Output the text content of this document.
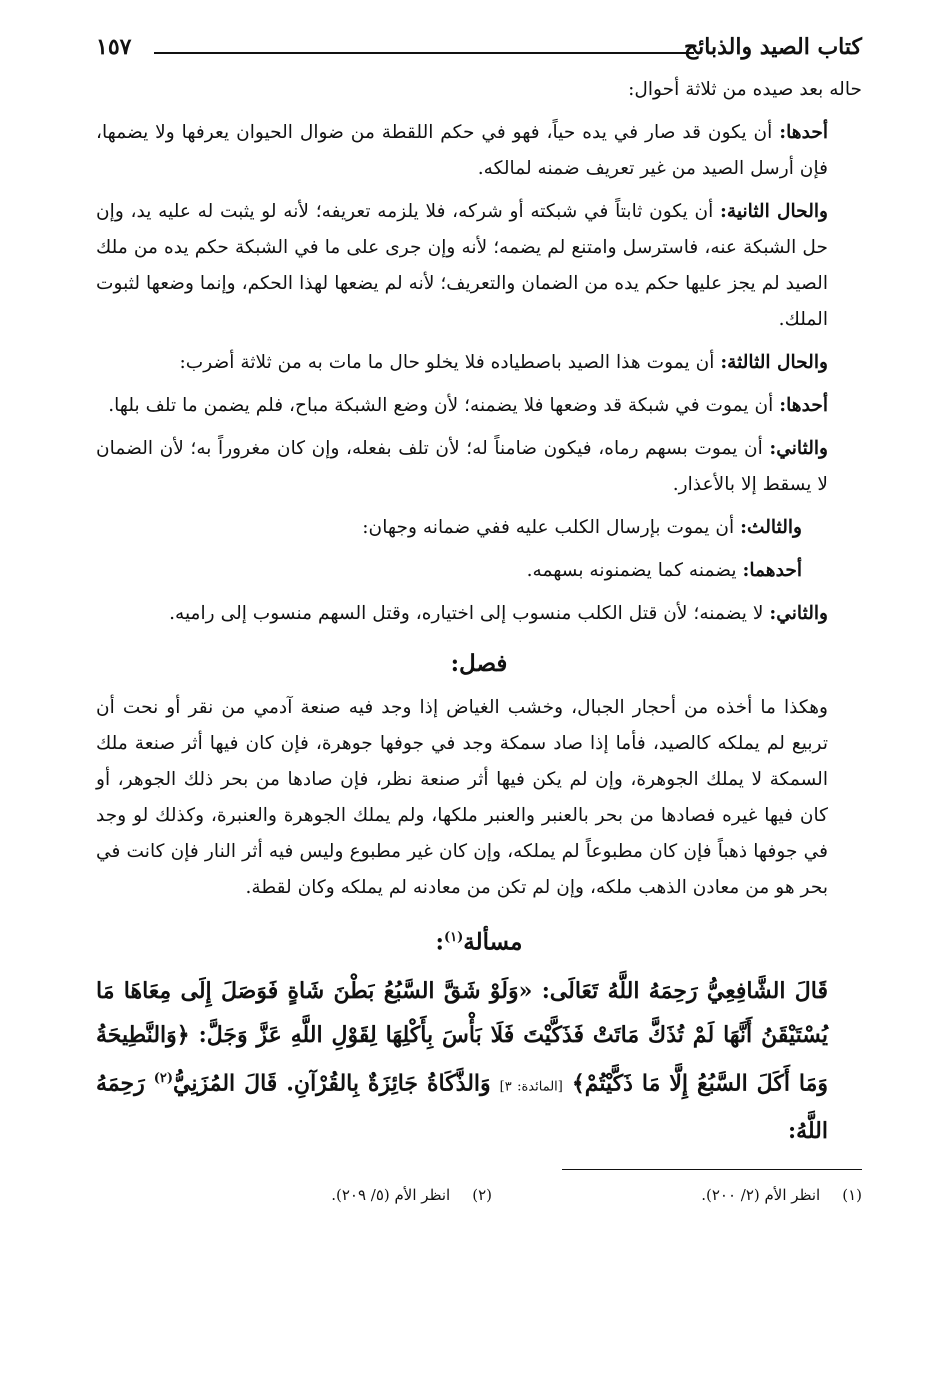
كتاب الصيد والذبائح
١٥٧

حاله بعد صيده من ثلاثة أحوال:

أحدها: أن يكون قد صار في يده حياً، فهو في حكم اللقطة من ضوال الحيوان يعرفها ولا يضمها، فإن أرسل الصيد من غير تعريف ضمنه لمالكه.

والحال الثانية: أن يكون ثابتاً في شبكته أو شركه، فلا يلزمه تعريفه؛ لأنه لو يثبت له عليه يد، وإن حل الشبكة عنه، فاسترسل وامتنع لم يضمه؛ لأنه وإن جرى على ما في الشبكة حكم يده من ملك الصيد لم يجز عليها حكم يده من الضمان والتعريف؛ لأنه لم يضعها لهذا الحكم، وإنما وضعها لثبوت الملك.

والحال الثالثة: أن يموت هذا الصيد باصطياده فلا يخلو حال ما مات به من ثلاثة أضرب:

أحدها: أن يموت في شبكة قد وضعها فلا يضمنه؛ لأن وضع الشبكة مباح، فلم يضمن ما تلف بلها.

والثاني: أن يموت بسهم رماه، فيكون ضامناً له؛ لأن تلف بفعله، وإن كان مغروراً به؛ لأن الضمان لا يسقط إلا بالأعذار.

والثالث: أن يموت بإرسال الكلب عليه ففي ضمانه وجهان:

أحدهما: يضمنه كما يضمنونه بسهمه.

والثاني: لا يضمنه؛ لأن قتل الكلب منسوب إلى اختياره، وقتل السهم منسوب إلى راميه.

فصل:

وهكذا ما أخذه من أحجار الجبال، وخشب الغياض إذا وجد فيه صنعة آدمي من نقر أو نحت أن تربيع لم يملكه كالصيد، فأما إذا صاد سمكة وجد في جوفها جوهرة، فإن كان فيها أثر صنعة ملك السمكة لا يملك الجوهرة، وإن لم يكن فيها أثر صنعة نظر، فإن صادها من بحر ذلك الجوهر، أو كان فيها غيره فصادها من بحر بالعنبر والعنبر ملكها، ولم يملك الجوهرة والعنبرة، وكذلك لو وجد في جوفها ذهباً فإن كان مطبوعاً لم يملكه، وإن كان غير مطبوع وليس فيه أثر النار فإن كانت في بحر هو من معادن الذهب ملكه، وإن لم تكن من معادنه لم يملكه وكان لقطة.

مسألة$^{(١)}$:
قَالَ الشَّافِعِيُّ رَحِمَهُ اللَّهُ تَعَالَى: «وَلَوْ شَقَّ السَّبُعُ بَطْنَ شَاةٍ فَوَصَلَ إِلَى مِعَاهَا مَا يُسْتَيْقَنُ أَنَّهَا لَمْ تُذَكَّ مَاتَتْ فَذَكَّيْتَ فَلَا بَأْسَ بِأَكْلِهَا لِقَوْلِ اللَّهِ عَزَّ وَجَلَّ: ﴿وَالنَّطِيحَةُ وَمَا أَكَلَ السَّبُعُ إِلَّا مَا ذَكَّيْتُمْ﴾ [المائدة: ٣] وَالذَّكَاةُ جَائِزَةٌ بِالقُرْآنِ. قَالَ المُزَنِيُّ$^{(٢)}$ رَحِمَهُ اللَّهُ:
(١)
انظر الأم (٢/ ٢٠٠).
(٢)
انظر الأم (٥/ ٢٠٩).
